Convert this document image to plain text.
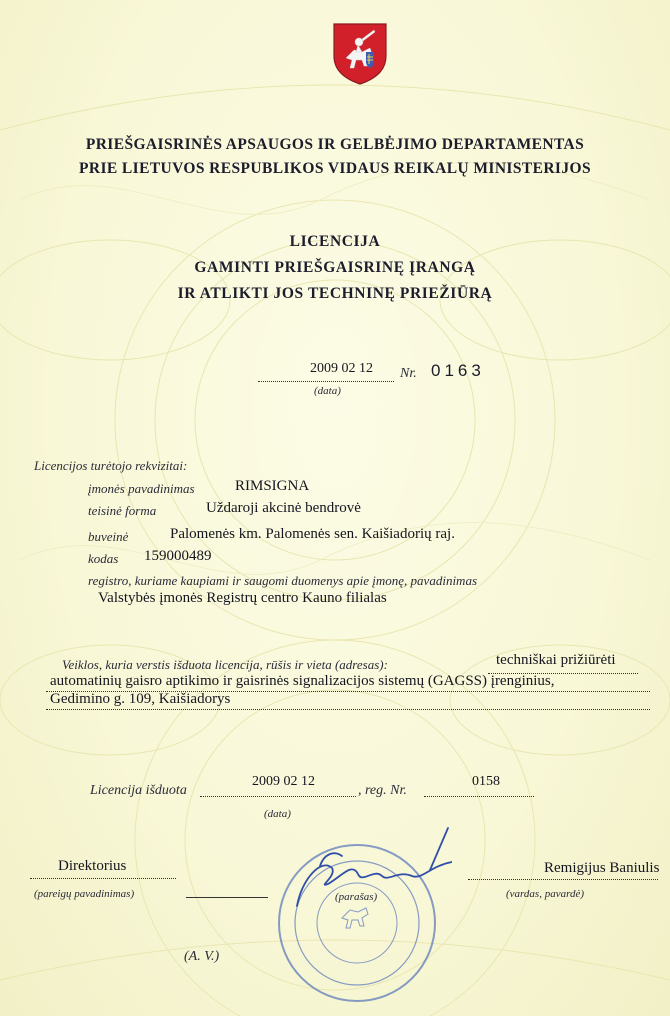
PRIEŠGAISRINĖS APSAUGOS IR GELBĖJIMO DEPARTAMENTAS
PRIE LIETUVOS RESPUBLIKOS VIDAUS REIKALŲ MINISTERIJOS
LICENCIJA
GAMINTI PRIEŠGAISRINĘ ĮRANGĄ
IR ATLIKTI JOS TECHNINĘ PRIEŽIŪRĄ
2009 02 12 Nr. 0163
(data)
Licencijos turėtojo rekvizitai:
įmonės pavadinimas	RIMSIGNA
teisinė forma	Uždaroji akcinė bendrovė
buveinė	Palomenės km. Palomenės sen. Kaišiadorių raj.
kodas 159000489
registro, kuriame kaupiami ir saugomi duomenys apie įmonę, pavadinimas
Valstybės įmonės Registrų centro Kauno filialas
Veiklos, kuria verstis išduota licencija, rūšis ir vieta (adresas):	techniškai prižiūrėti
automatinių gaisro aptikimo ir gaisrinės signalizacijos sistemų (GAGSS) įrenginius,
Gedimino g. 109, Kaišiadorys
Licencija išduota
2009 02 12
, reg. Nr.
0158
(data)
Direktorius
(pareigų pavadinimas)	(parašas)
Remigijus Baniulis
(vardas, pavardė)
(A. V.)
